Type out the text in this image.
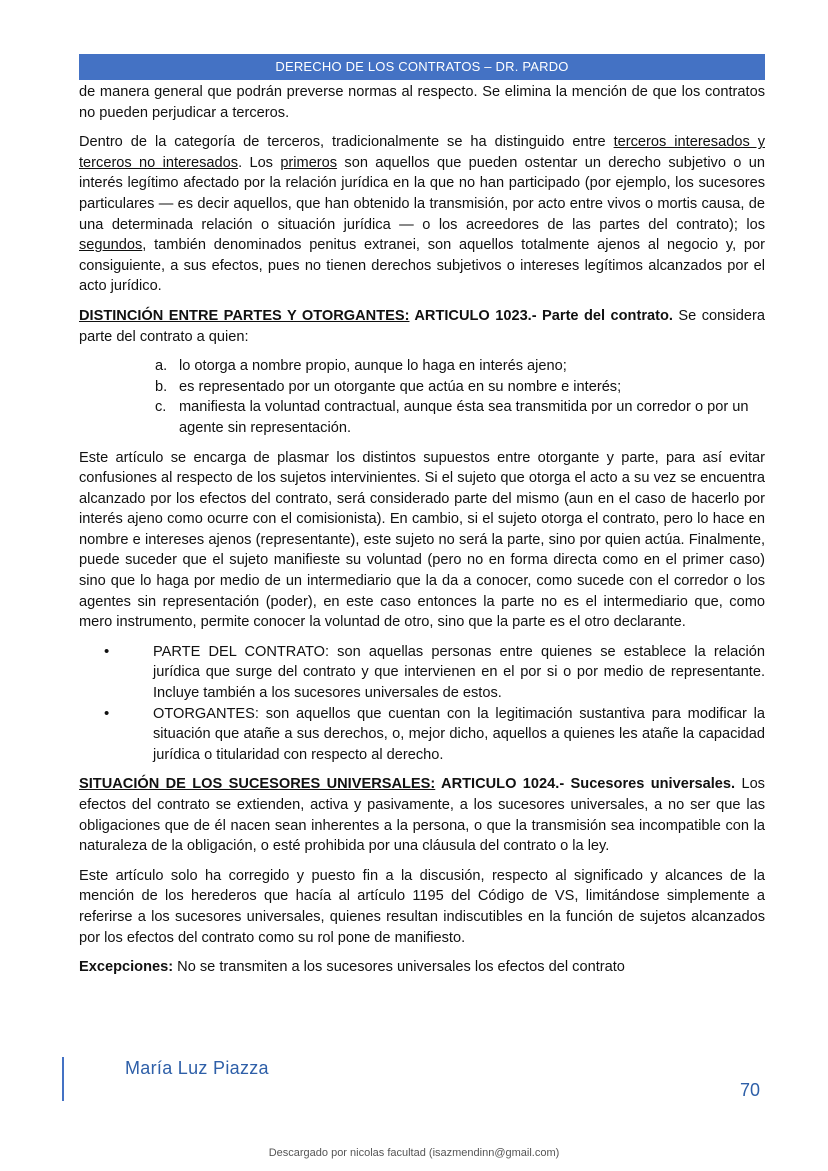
DERECHO DE LOS CONTRATOS – DR. PARDO

de manera general que podrán preverse normas al respecto. Se elimina la mención de que los contratos no pueden perjudicar a terceros.

Dentro de la categoría de terceros, tradicionalmente se ha distinguido entre terceros interesados y terceros no interesados. Los primeros son aquellos que pueden ostentar un derecho subjetivo o un interés legítimo afectado por la relación jurídica en la que no han participado (por ejemplo, los sucesores particulares — es decir aquellos, que han obtenido la transmisión, por acto entre vivos o mortis causa, de una determinada relación o situación jurídica — o los acreedores de las partes del contrato); los segundos, también denominados penitus extranei, son aquellos totalmente ajenos al negocio y, por consiguiente, a sus efectos, pues no tienen derechos subjetivos o intereses legítimos alcanzados por el acto jurídico.

DISTINCIÓN ENTRE PARTES Y OTORGANTES: ARTICULO 1023.- Parte del contrato. Se considera parte del contrato a quien:

a. lo otorga a nombre propio, aunque lo haga en interés ajeno;
b. es representado por un otorgante que actúa en su nombre e interés;
c. manifiesta la voluntad contractual, aunque ésta sea transmitida por un corredor o por un agente sin representación.

Este artículo se encarga de plasmar los distintos supuestos entre otorgante y parte, para así evitar confusiones al respecto de los sujetos intervinientes. Si el sujeto que otorga el acto a su vez se encuentra alcanzado por los efectos del contrato, será considerado parte del mismo (aun en el caso de hacerlo por interés ajeno como ocurre con el comisionista). En cambio, si el sujeto otorga el contrato, pero lo hace en nombre e intereses ajenos (representante), este sujeto no será la parte, sino por quien actúa. Finalmente, puede suceder que el sujeto manifieste su voluntad (pero no en forma directa como en el primer caso) sino que lo haga por medio de un intermediario que la da a conocer, como sucede con el corredor o los agentes sin representación (poder), en este caso entonces la parte no es el intermediario que, como mero instrumento, permite conocer la voluntad de otro, sino que la parte es el otro declarante.

•	PARTE DEL CONTRATO: son aquellas personas entre quienes se establece la relación jurídica que surge del contrato y que intervienen en el por si o por medio de representante. Incluye también a los sucesores universales de estos.
•	OTORGANTES: son aquellos que cuentan con la legitimación sustantiva para modificar la situación que atañe a sus derechos, o, mejor dicho, aquellos a quienes les atañe la capacidad jurídica o titularidad con respecto al derecho.

SITUACIÓN DE LOS SUCESORES UNIVERSALES: ARTICULO 1024.- Sucesores universales. Los efectos del contrato se extienden, activa y pasivamente, a los sucesores universales, a no ser que las obligaciones que de él nacen sean inherentes a la persona, o que la transmisión sea incompatible con la naturaleza de la obligación, o esté prohibida por una cláusula del contrato o la ley.

Este artículo solo ha corregido y puesto fin a la discusión, respecto al significado y alcances de la mención de los herederos que hacía al artículo 1195 del Código de VS, limitándose simplemente a referirse a los sucesores universales, quienes resultan indiscutibles en la función de sujetos alcanzados por los efectos del contrato como su rol pone de manifiesto.

Excepciones: No se transmiten a los sucesores universales los efectos del contrato

María Luz Piazza
70
Descargado por nicolas facultad (isazmendinn@gmail.com)
